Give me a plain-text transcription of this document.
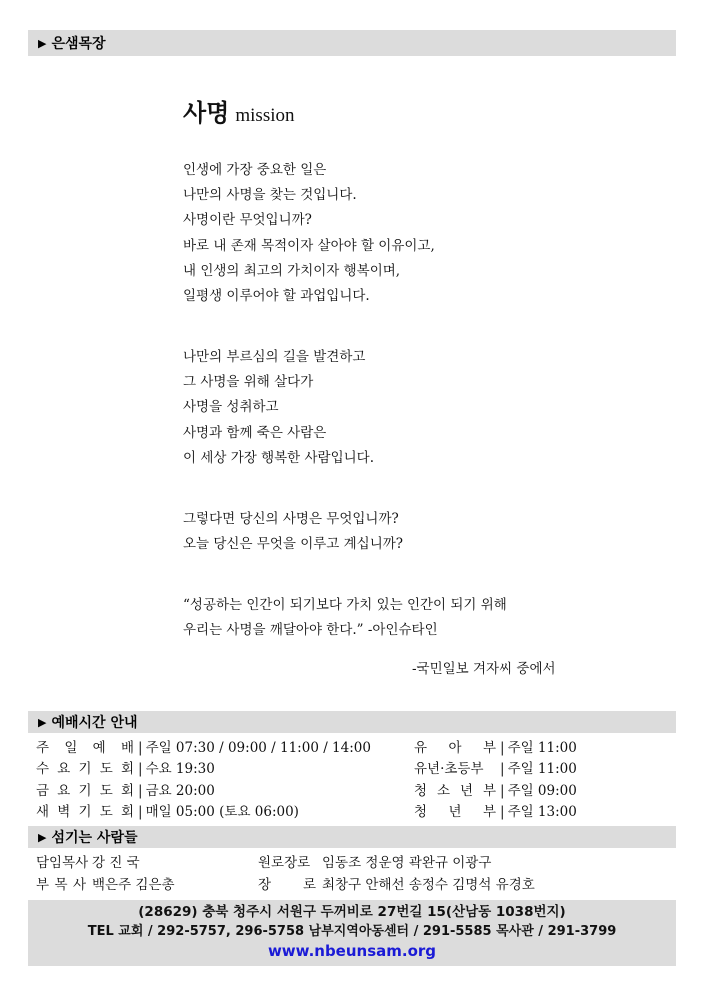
▶ 은샘목장
사명 mission

인생에 가장 중요한 일은

나만의 사명을 찾는 것입니다.

사명이란 무엇입니까?

바로 내 존재 목적이자 살아야 할 이유이고,

내 인생의 최고의 가치이자 행복이며,

일평생 이루어야 할 과업입니다.

나만의 부르심의 길을 발견하고

그 사명을 위해 살다가

사명을 성취하고

사명과 함께 죽은 사람은

이 세상 가장 행복한 사람입니다.

그렇다면 당신의 사명은 무엇입니까?

오늘 당신은 무엇을 이루고 계십니까?

“성공하는 인간이 되기보다 가치 있는 인간이 되기 위해

우리는 사명을 깨달아야 한다.” -아인슈타인

-국민일보 겨자씨 중에서
▶ 예배시간 안내
주 일 예 배 | 주일 07:30 / 09:00 / 11:00 / 14:00
수 요 기 도 회 | 수요 19:30
금 요 기 도 회 | 금요 20:00
새 벽 기 도 회 | 매일 05:00 (토요 06:00)
유 아 부 | 주일 11:00
유년·초등부 | 주일 11:00
청 소 년 부 | 주일 09:00
청 년 부 | 주일 13:00
▶ 섬기는 사람들
담임목사 강 진 국
부 목 사 백은주 김은총
원로장로 임동조 정운영 곽완규 이광구
장 로 최창구 안해선 송정수 김명석 유경호
(28629) 충북 청주시 서원구 두꺼비로 27번길 15(산남동 1038번지)
TEL 교회 / 292-5757, 296-5758 남부지역아동센터 / 291-5585 목사관 / 291-3799
www.nbeunsam.org
